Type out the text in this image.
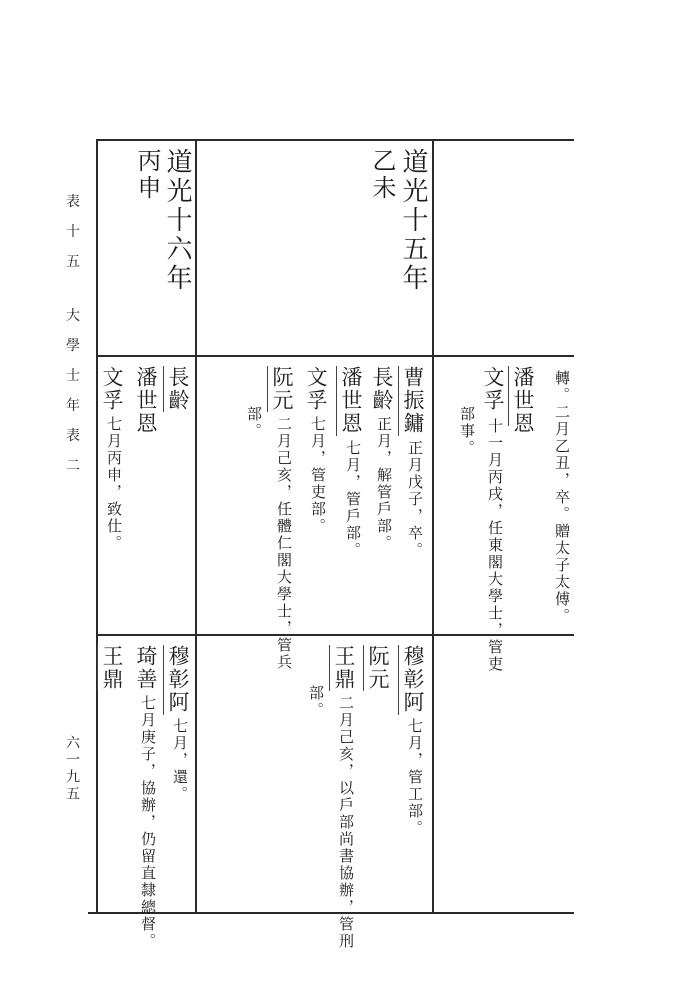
表
十
五
大
學
士
年
表
二
六一九五
道光十五年
乙未
道光十六年
丙申
轉。二月乙丑，卒。贈太子太傅。
潘世恩
文孚
十一月丙戌，任東閣大學士，管吏
部事。
曹振鏞
正月戊子，卒。
長齡
正月，解管戶部。
潘世恩
七月，管戶部。
文孚
七月，管吏部。
阮元
二月己亥，任體仁閣大學士，管兵
部。
穆彰阿
七月，管工部。
阮元
王鼎
二月己亥，以戶部尚書協辦，管刑
部。
長齡
潘世恩
文孚
七月丙申，致仕。
穆彰阿
七月，還。
琦善
七月庚子，協辦，仍留直隸總督。
王鼎
